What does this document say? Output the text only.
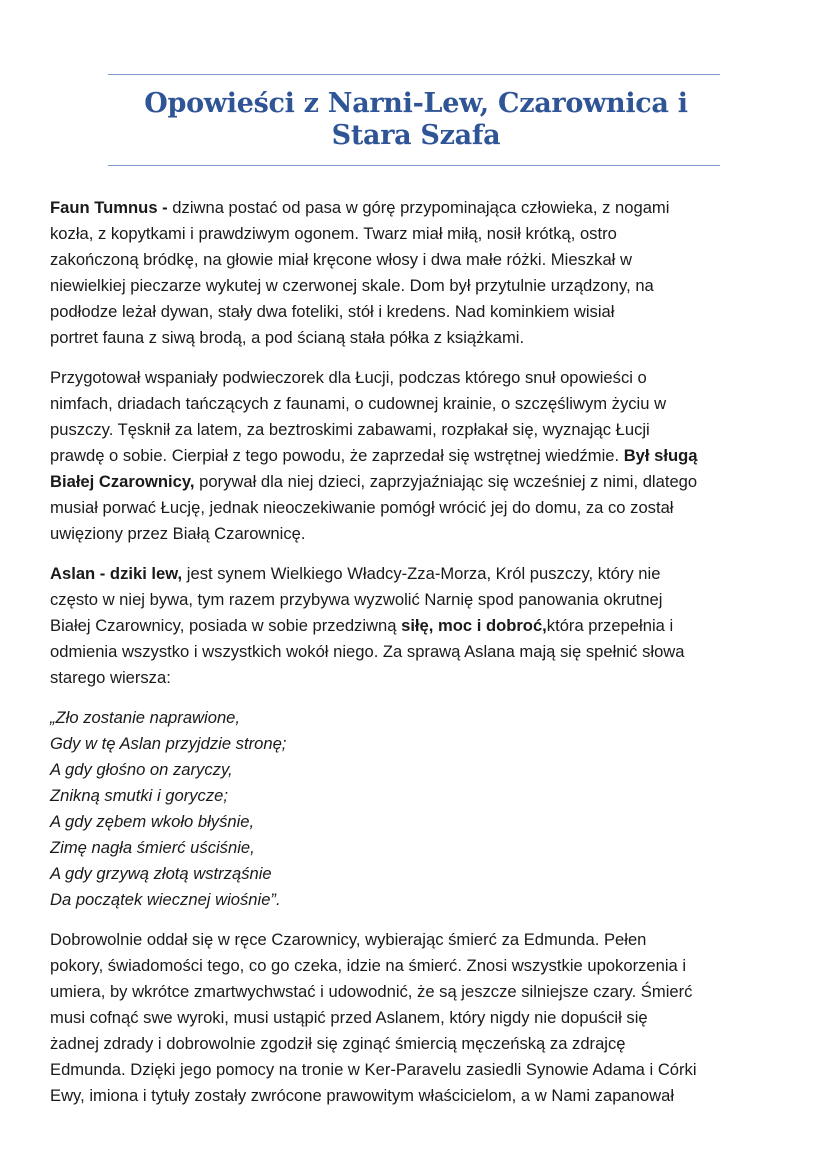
Opowieści z Narni-Lew, Czarownica i
Stara Szafa
Faun Tumnus - dziwna postać od pasa w górę przypominająca człowieka, z nogami
kozła, z kopytkami i prawdziwym ogonem. Twarz miał miłą, nosił krótką, ostro
zakończoną bródkę, na głowie miał kręcone włosy i dwa małe różki. Mieszkał w
niewielkiej pieczarze wykutej w czerwonej skale. Dom był przytulnie urządzony, na
podłodze leżał dywan, stały dwa foteliki, stół i kredens. Nad kominkiem wisiał
portret fauna z siwą brodą, a pod ścianą stała półka z książkami.
Przygotował wspaniały podwieczorek dla Łucji, podczas którego snuł opowieści o
nimfach, driadach tańczących z faunami, o cudownej krainie, o szczęśliwym życiu w
puszczy. Tęsknił za latem, za beztroskimi zabawami, rozpłakał się, wyznając Łucji
prawdę o sobie. Cierpiał z tego powodu, że zaprzedał się wstrętnej wiedźmie. Był sługą
Białej Czarownicy, porywał dla niej dzieci, zaprzyjaźniając się wcześniej z nimi, dlatego
musiał porwać Łucję, jednak nieoczekiwanie pomógł wrócić jej do domu, za co został
uwięziony przez Białą Czarownicę.
Aslan - dziki lew, jest synem Wielkiego Władcy-Zza-Morza, Król puszczy, który nie
często w niej bywa, tym razem przybywa wyzwolić Narnię spod panowania okrutnej
Białej Czarownicy, posiada w sobie przedziwną siłę, moc i dobroć,która przepełnia i
odmienia wszystko i wszystkich wokół niego. Za sprawą Aslana mają się spełnić słowa
starego wiersza:
„Zło zostanie naprawione,
Gdy w tę Aslan przyjdzie stronę;
A gdy głośno on zaryczy,
Znikną smutki i gorycze;
A gdy zębem wkoło błyśnie,
Zimę nagła śmierć uściśnie,
A gdy grzywą złotą wstrząśnie
Da początek wiecznej wiośnie”.
Dobrowolnie oddał się w ręce Czarownicy, wybierając śmierć za Edmunda. Pełen
pokory, świadomości tego, co go czeka, idzie na śmierć. Znosi wszystkie upokorzenia i
umiera, by wkrótce zmartwychwstać i udowodnić, że są jeszcze silniejsze czary. Śmierć
musi cofnąć swe wyroki, musi ustąpić przed Aslanem, który nigdy nie dopuścił się
żadnej zdrady i dobrowolnie zgodził się zginąć śmiercią męczeńską za zdrajcę
Edmunda. Dzięki jego pomocy na tronie w Ker-Paravelu zasiedli Synowie Adama i Córki
Ewy, imiona i tytuły zostały zwrócone prawowitym właścicielom, a w Nami zapanował
